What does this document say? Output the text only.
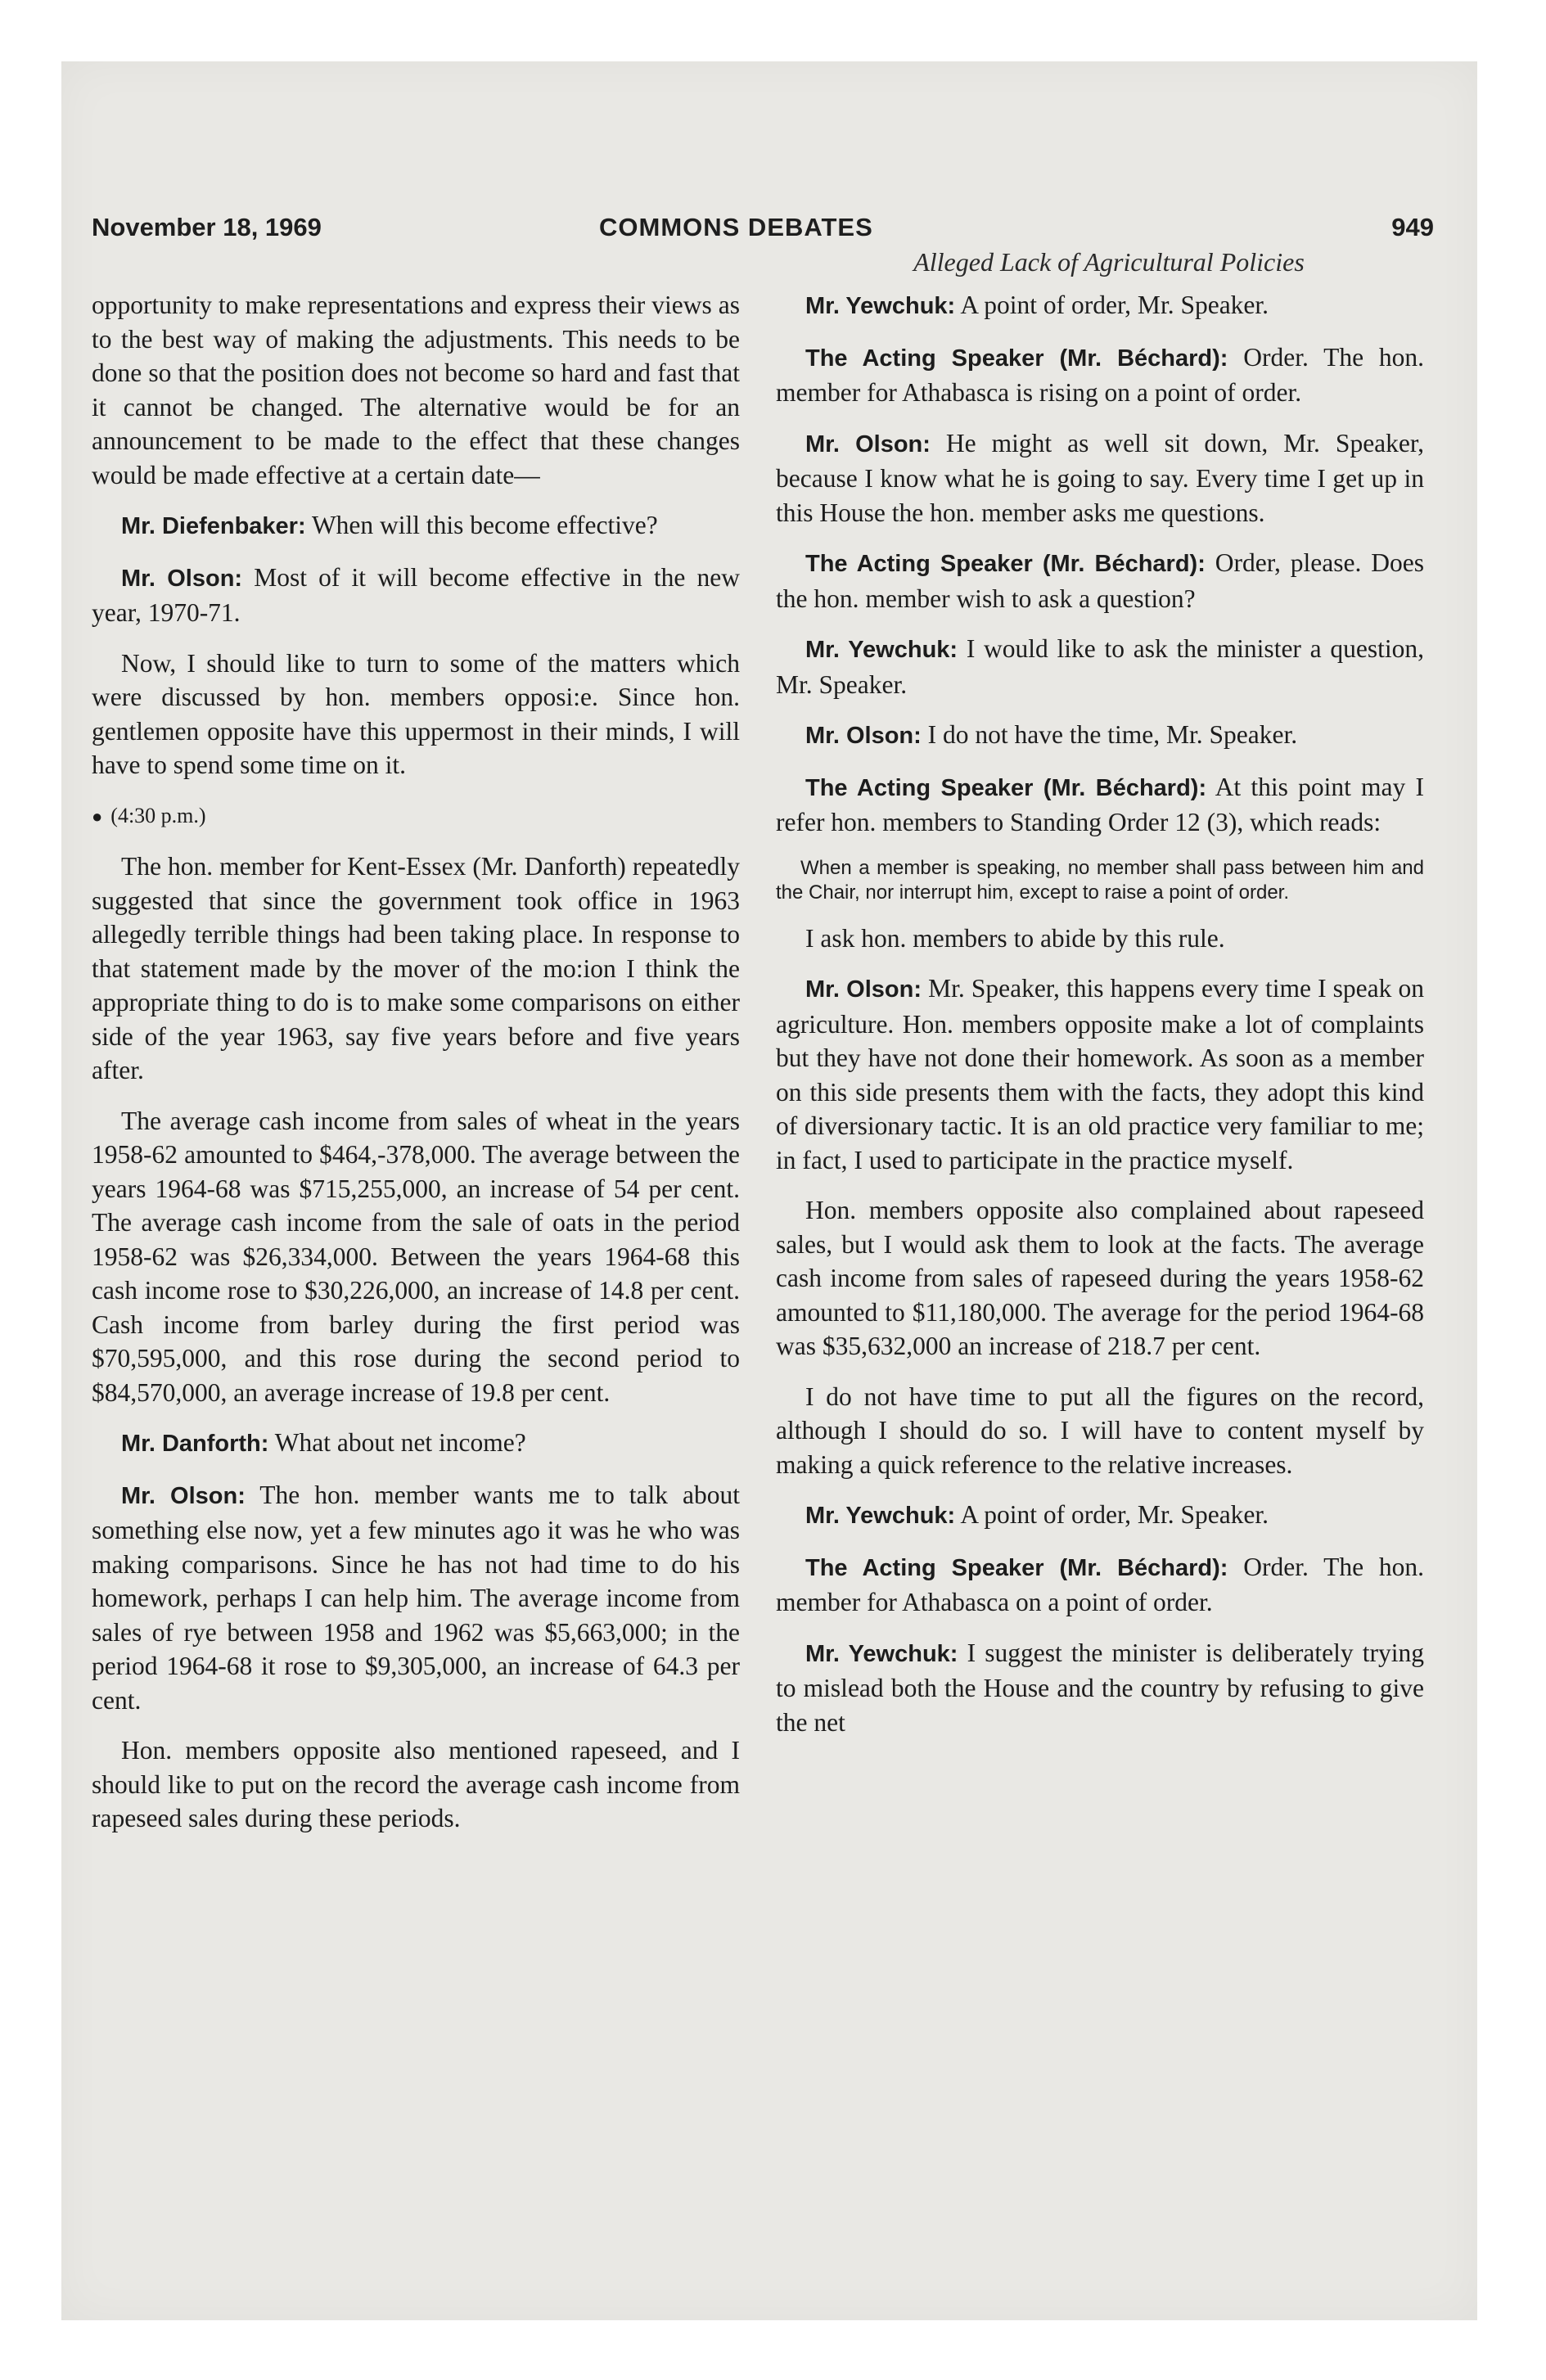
November 18, 1969	COMMONS DEBATES	949
Alleged Lack of Agricultural Policies

opportunity to make representations and express their views as to the best way of making the adjustments. This needs to be done so that the position does not become so hard and fast that it cannot be changed. The alternative would be for an announcement to be made to the effect that these changes would be made effective at a certain date—

Mr. Diefenbaker: When will this become effective?

Mr. Olson: Most of it will become effective in the new year, 1970-71.

Now, I should like to turn to some of the matters which were discussed by hon. members opposi:e. Since hon. gentlemen opposite have this uppermost in their minds, I will have to spend some time on it.

● (4:30 p.m.)

The hon. member for Kent-Essex (Mr. Danforth) repeatedly suggested that since the government took office in 1963 allegedly terrible things had been taking place. In response to that statement made by the mover of the mo:ion I think the appropriate thing to do is to make some comparisons on either side of the year 1963, say five years before and five years after.

The average cash income from sales of wheat in the years 1958-62 amounted to $464,-378,000. The average between the years 1964-68 was $715,255,000, an increase of 54 per cent. The average cash income from the sale of oats in the period 1958-62 was $26,334,000. Between the years 1964-68 this cash income rose to $30,226,000, an increase of 14.8 per cent. Cash income from barley during the first period was $70,595,000, and this rose during the second period to $84,570,000, an average increase of 19.8 per cent.

Mr. Danforth: What about net income?

Mr. Olson: The hon. member wants me to talk about something else now, yet a few minutes ago it was he who was making comparisons. Since he has not had time to do his homework, perhaps I can help him. The average income from sales of rye between 1958 and 1962 was $5,663,000; in the period 1964-68 it rose to $9,305,000, an increase of 64.3 per cent.

Hon. members opposite also mentioned rapeseed, and I should like to put on the record the average cash income from rapeseed sales during these periods.

Mr. Yewchuk: A point of order, Mr. Speaker.

The Acting Speaker (Mr. Béchard): Order. The hon. member for Athabasca is rising on a point of order.

Mr. Olson: He might as well sit down, Mr. Speaker, because I know what he is going to say. Every time I get up in this House the hon. member asks me questions.

The Acting Speaker (Mr. Béchard): Order, please. Does the hon. member wish to ask a question?

Mr. Yewchuk: I would like to ask the minister a question, Mr. Speaker.

Mr. Olson: I do not have the time, Mr. Speaker.

The Acting Speaker (Mr. Béchard): At this point may I refer hon. members to Standing Order 12 (3), which reads:

When a member is speaking, no member shall pass between him and the Chair, nor interrupt him, except to raise a point of order.

I ask hon. members to abide by this rule.

Mr. Olson: Mr. Speaker, this happens every time I speak on agriculture. Hon. members opposite make a lot of complaints but they have not done their homework. As soon as a member on this side presents them with the facts, they adopt this kind of diversionary tactic. It is an old practice very familiar to me; in fact, I used to participate in the practice myself.

Hon. members opposite also complained about rapeseed sales, but I would ask them to look at the facts. The average cash income from sales of rapeseed during the years 1958-62 amounted to $11,180,000. The average for the period 1964-68 was $35,632,000 an increase of 218.7 per cent.

I do not have time to put all the figures on the record, although I should do so. I will have to content myself by making a quick reference to the relative increases.

Mr. Yewchuk: A point of order, Mr. Speaker.

The Acting Speaker (Mr. Béchard): Order. The hon. member for Athabasca on a point of order.

Mr. Yewchuk: I suggest the minister is deliberately trying to mislead both the House and the country by refusing to give the net
